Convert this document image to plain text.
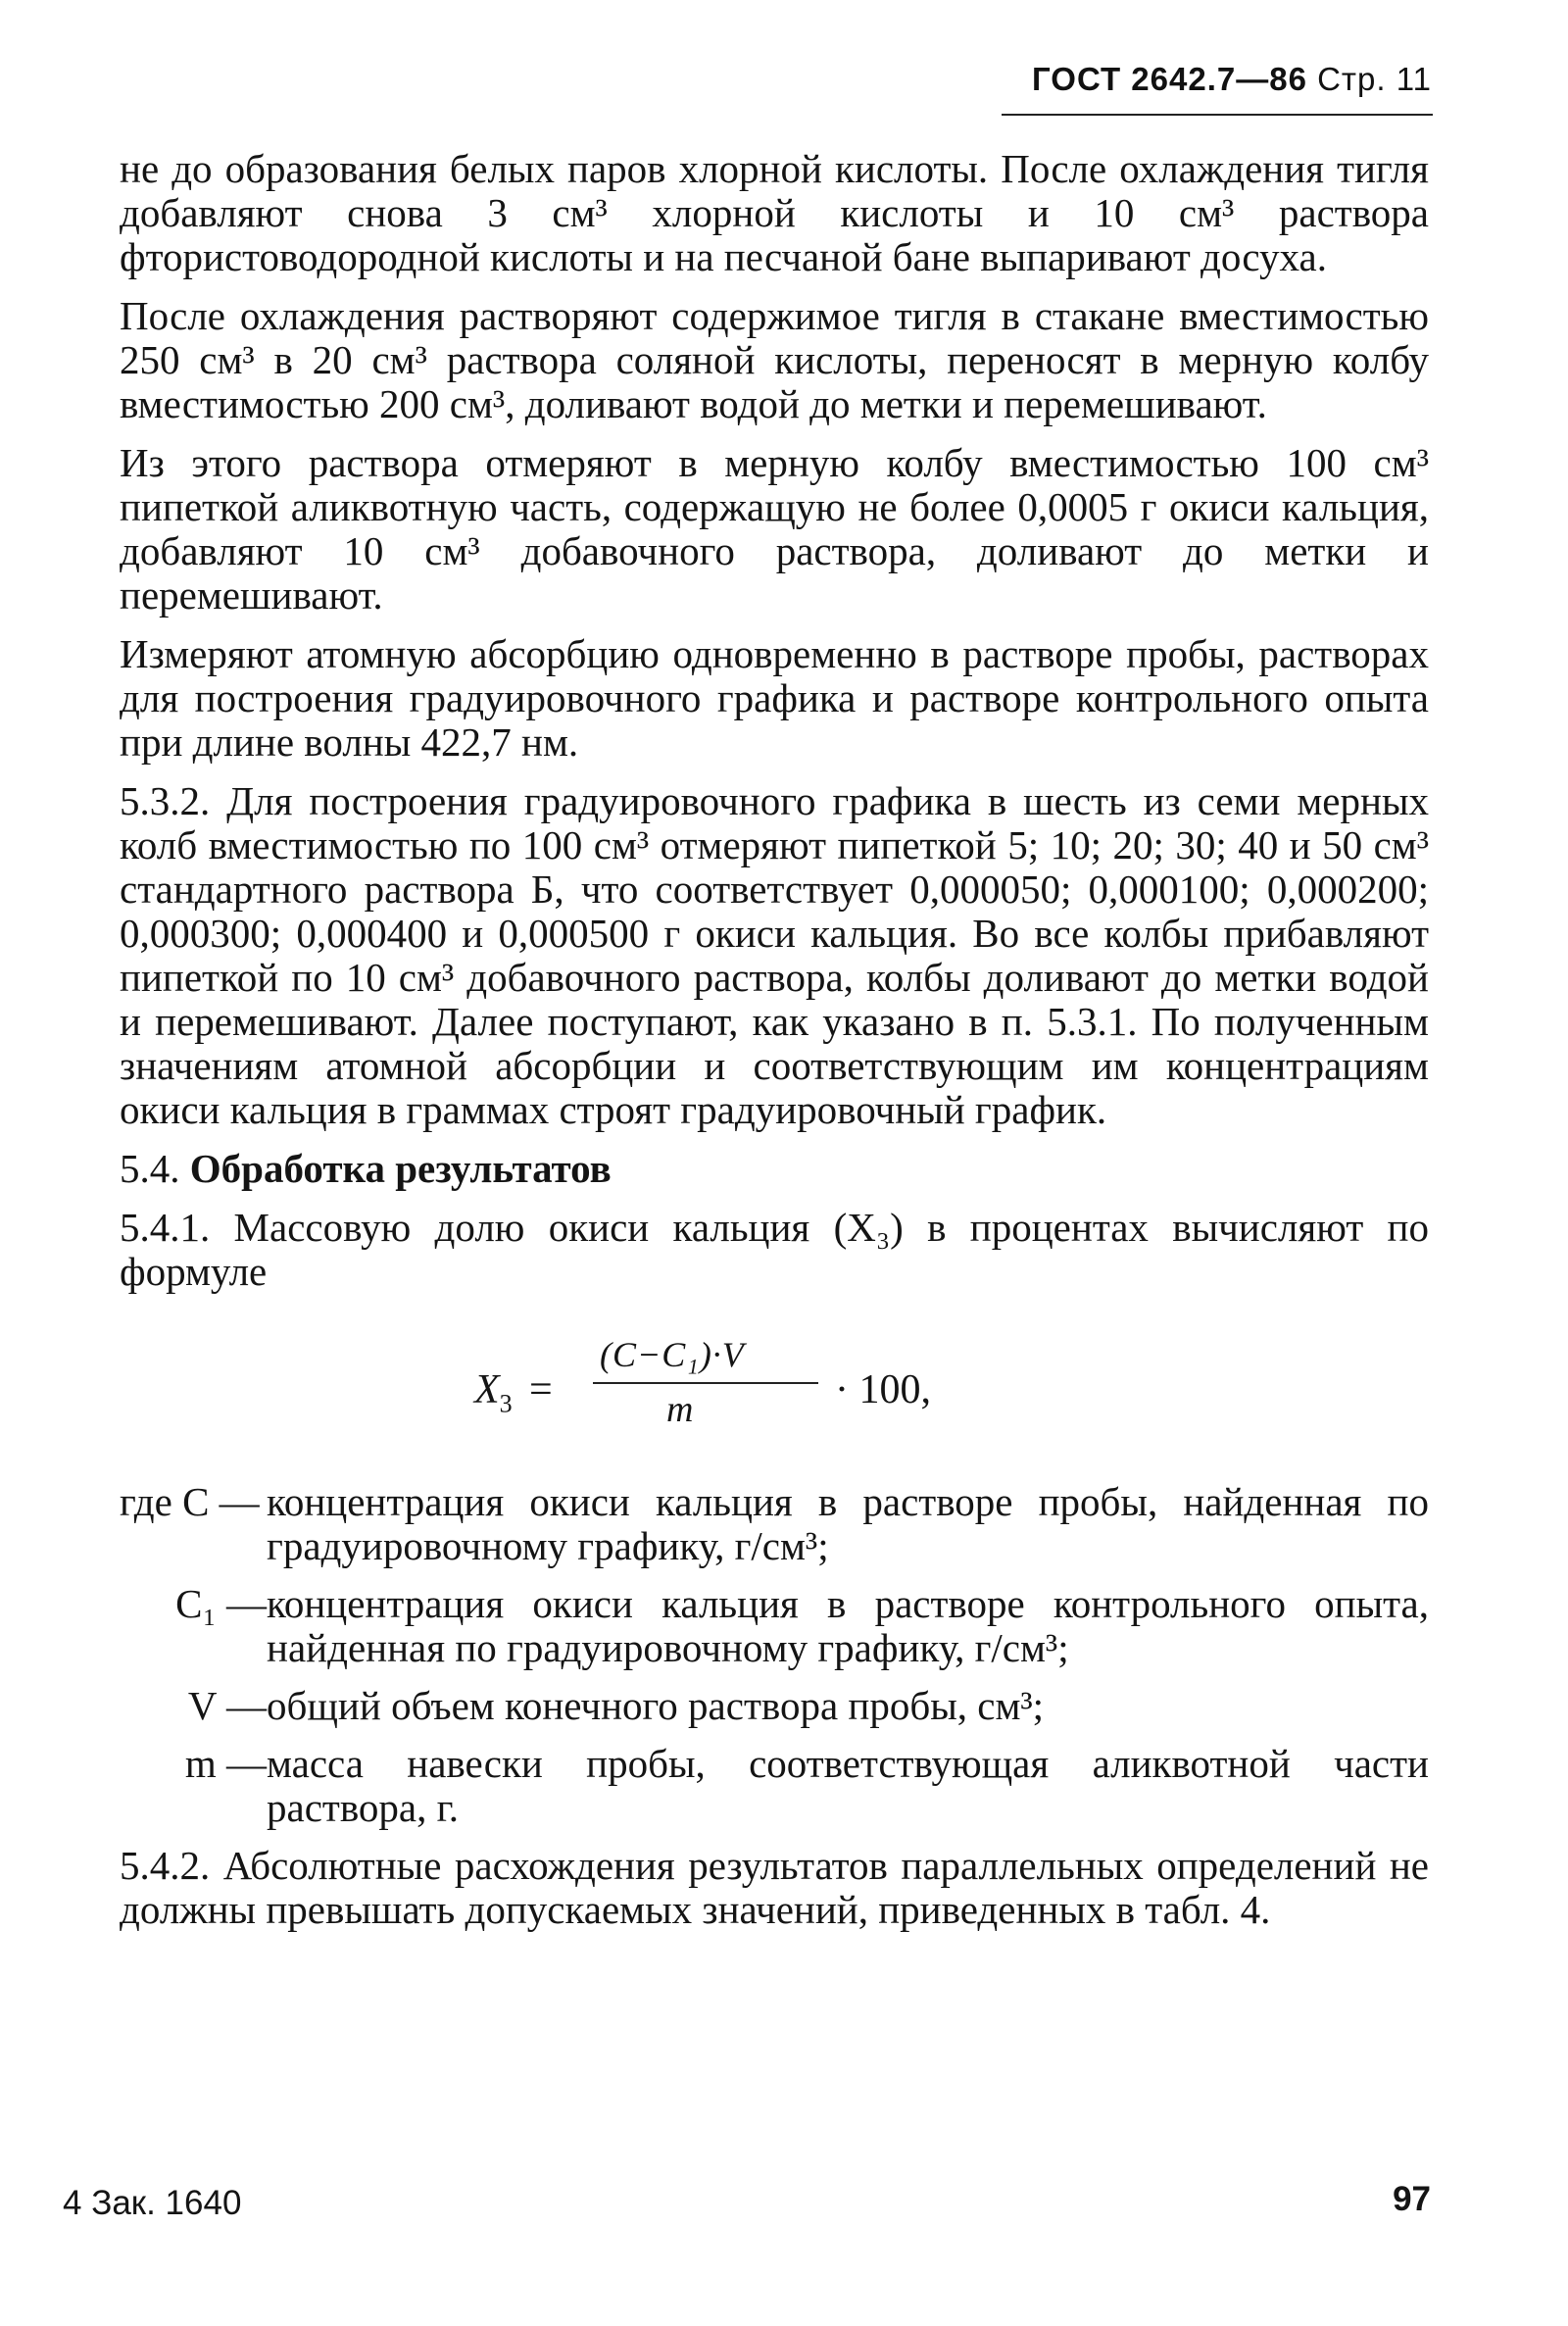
ГОСТ 2642.7—86 Стр. 11

не до образования белых паров хлорной кислоты. После охлаждения тигля добавляют снова 3 см³ хлорной кислоты и 10 см³ раствора фтористоводородной кислоты и на песчаной бане выпаривают досуха.

После охлаждения растворяют содержимое тигля в стакане вместимостью 250 см³ в 20 см³ раствора соляной кислоты, переносят в мерную колбу вместимостью 200 см³, доливают водой до метки и перемешивают.

Из этого раствора отмеряют в мерную колбу вместимостью 100 см³ пипеткой аликвотную часть, содержащую не более 0,0005 г окиси кальция, добавляют 10 см³ добавочного раствора, доливают до метки и перемешивают.

Измеряют атомную абсорбцию одновременно в растворе пробы, растворах для построения градуировочного графика и растворе контрольного опыта при длине волны 422,7 нм.

5.3.2. Для построения градуировочного графика в шесть из семи мерных колб вместимостью по 100 см³ отмеряют пипеткой 5; 10; 20; 30; 40 и 50 см³ стандартного раствора Б, что соответствует 0,000050; 0,000100; 0,000200; 0,000300; 0,000400 и 0,000500 г окиси кальция. Во все колбы прибавляют пипеткой по 10 см³ добавочного раствора, колбы доливают до метки водой и перемешивают. Далее поступают, как указано в п. 5.3.1. По полученным значениям атомной абсорбции и соответствующим им концентрациям окиси кальция в граммах строят градуировочный график.

5.4. Обработка результатов

5.4.1. Массовую долю окиси кальция (X₃) в процентах вычисляют по формуле

$X_3$ =
(C−C₁)·V
m	· 100,

где C — концентрация окиси кальция в растворе пробы, найденная по градуировочному графику, г/см³;

C₁ — концентрация окиси кальция в растворе контрольного опыта, найденная по градуировочному графику, г/см³;

V — общий объем конечного раствора пробы, см³;

m — масса навески пробы, соответствующая аликвотной части раствора, г.

5.4.2. Абсолютные расхождения результатов параллельных определений не должны превышать допускаемых значений, приведенных в табл. 4.

4 Зак. 1640	97
